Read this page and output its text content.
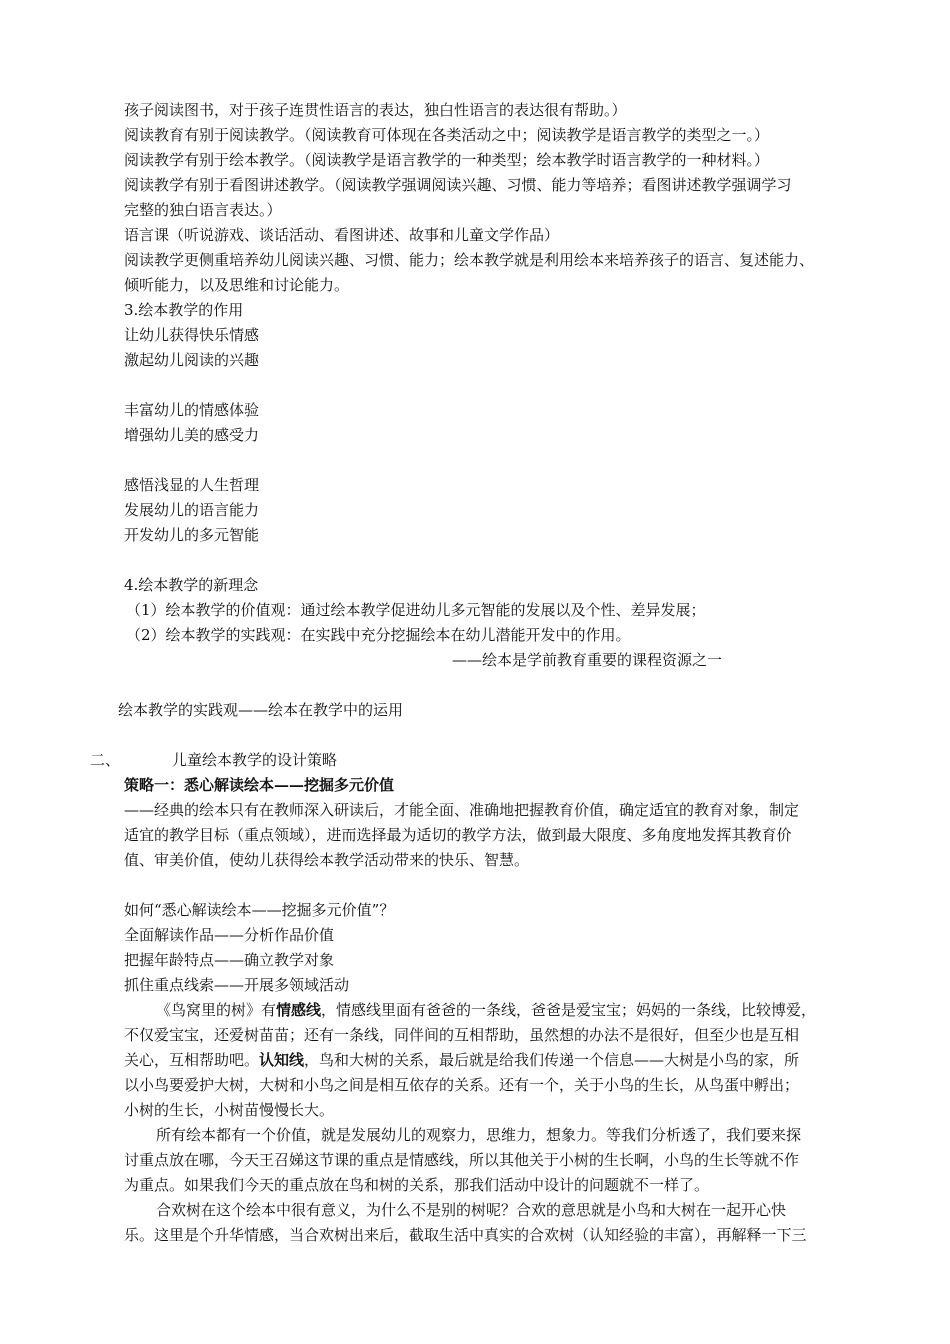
孩子阅读图书，对于孩子连贯性语言的表达，独白性语言的表达很有帮助。）
阅读教育有别于阅读教学。（阅读教育可体现在各类活动之中；阅读教学是语言教学的类型之一。）
阅读教学有别于绘本教学。（阅读教学是语言教学的一种类型；绘本教学时语言教学的一种材料。）
阅读教学有别于看图讲述教学。（阅读教学强调阅读兴趣、习惯、能力等培养；看图讲述教学强调学习
完整的独白语言表达。）
语言课（听说游戏、谈话活动、看图讲述、故事和儿童文学作品）
阅读教学更侧重培养幼儿阅读兴趣、习惯、能力；绘本教学就是利用绘本来培养孩子的语言、复述能力、
倾听能力，以及思维和讨论能力。
3.绘本教学的作用
让幼儿获得快乐情感
激起幼儿阅读的兴趣
丰富幼儿的情感体验
增强幼儿美的感受力
感悟浅显的人生哲理
发展幼儿的语言能力
开发幼儿的多元智能
4.绘本教学的新理念
（1）绘本教学的价值观：通过绘本教学促进幼儿多元智能的发展以及个性、差异发展；
（2）绘本教学的实践观：在实践中充分挖掘绘本在幼儿潜能开发中的作用。
——绘本是学前教育重要的课程资源之一
绘本教学的实践观——绘本在教学中的运用
二、	儿童绘本教学的设计策略
策略一：悉心解读绘本——挖掘多元价值
——经典的绘本只有在教师深入研读后，才能全面、准确地把握教育价值，确定适宜的教育对象，制定
适宜的教学目标（重点领域），进而选择最为适切的教学方法，做到最大限度、多角度地发挥其教育价
值、审美价值，使幼儿获得绘本教学活动带来的快乐、智慧。
如何“悉心解读绘本——挖掘多元价值”？
全面解读作品——分析作品价值
把握年龄特点——确立教学对象
抓住重点线索——开展多领域活动
《鸟窝里的树》有情感线，情感线里面有爸爸的一条线，爸爸是爱宝宝；妈妈的一条线，比较博爱，
不仅爱宝宝，还爱树苗苗；还有一条线，同伴间的互相帮助，虽然想的办法不是很好，但至少也是互相
关心，互相帮助吧。认知线，鸟和大树的关系，最后就是给我们传递一个信息——大树是小鸟的家，所
以小鸟要爱护大树，大树和小鸟之间是相互依存的关系。还有一个，关于小鸟的生长，从鸟蛋中孵出；
小树的生长，小树苗慢慢长大。
所有绘本都有一个价值，就是发展幼儿的观察力，思维力，想象力。等我们分析透了，我们要来探
讨重点放在哪，今天王召娣这节课的重点是情感线，所以其他关于小树的生长啊，小鸟的生长等就不作
为重点。如果我们今天的重点放在鸟和树的关系，那我们活动中设计的问题就不一样了。
合欢树在这个绘本中很有意义，为什么不是别的树呢？合欢的意思就是小鸟和大树在一起开心快
乐。这里是个升华情感，当合欢树出来后，截取生活中真实的合欢树（认知经验的丰富），再解释一下三
